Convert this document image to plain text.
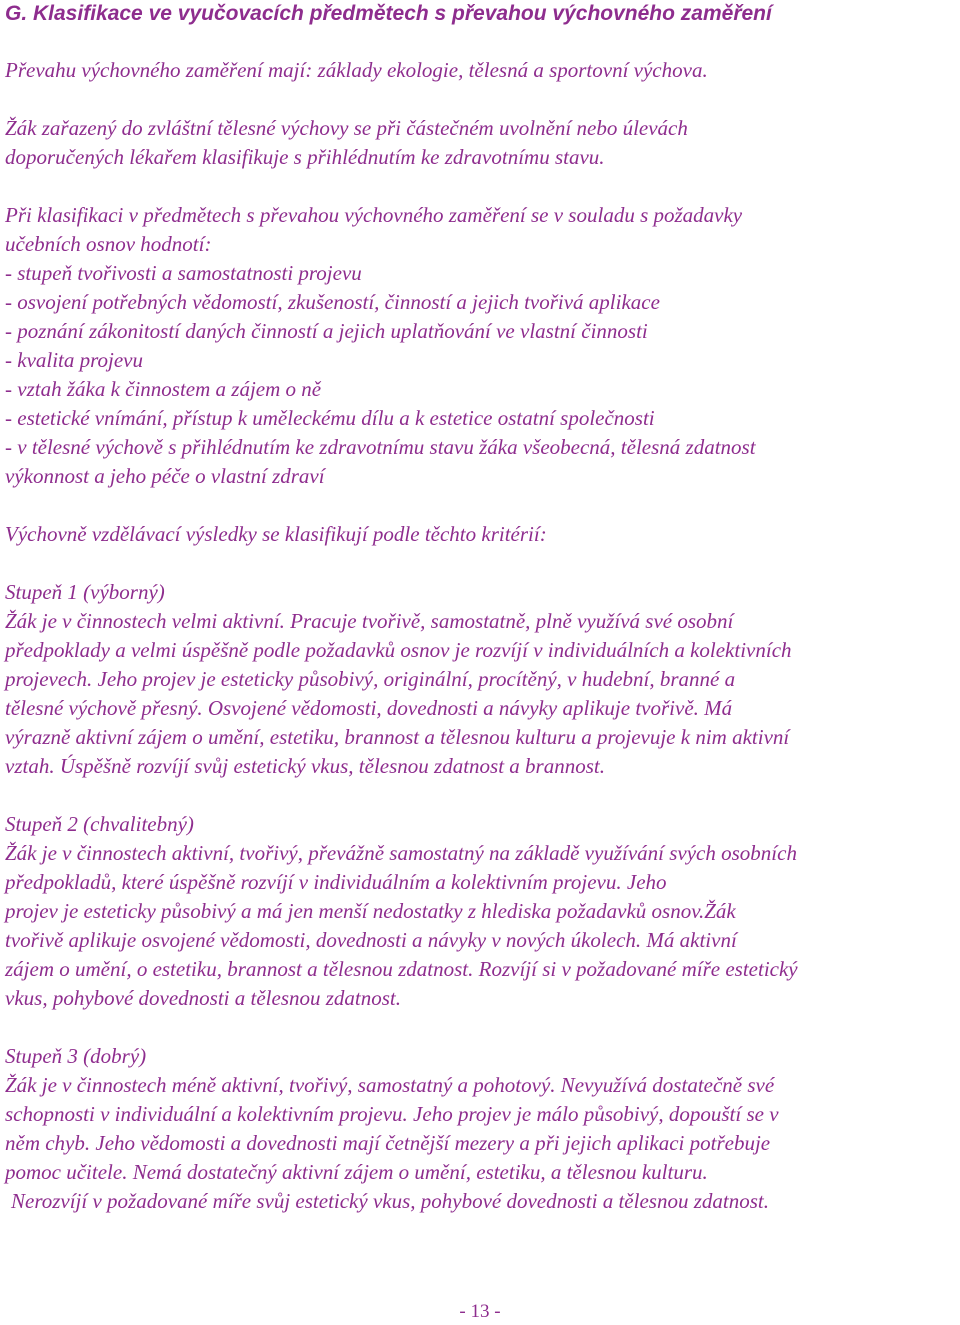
G. Klasifikace ve vyučovacích předmětech s převahou výchovného zaměření
Převahu výchovného zaměření mají: základy ekologie, tělesná a sportovní výchova.
Žák zařazený do zvláštní tělesné výchovy se při částečném uvolnění nebo úlevách
doporučených lékařem klasifikuje s přihlédnutím ke zdravotnímu stavu.
Při klasifikaci v předmětech s převahou výchovného zaměření se v souladu s požadavky
učebních osnov hodnotí:
- stupeň tvořivosti a samostatnosti projevu
- osvojení potřebných vědomostí, zkušeností, činností a jejich tvořivá aplikace
- poznání zákonitostí daných činností a jejich uplatňování ve vlastní činnosti
- kvalita projevu
- vztah žáka k činnostem a zájem o ně
- estetické vnímání, přístup k uměleckému dílu a k estetice ostatní společnosti
- v tělesné výchově s přihlédnutím ke zdravotnímu stavu žáka všeobecná, tělesná zdatnost
výkonnost a jeho péče o vlastní zdraví
Výchovně vzdělávací výsledky se klasifikují podle těchto kritérií:
Stupeň 1 (výborný)
Žák je v činnostech velmi aktivní. Pracuje tvořivě, samostatně, plně využívá své osobní
předpoklady a velmi úspěšně podle požadavků osnov je rozvíjí v individuálních a kolektivních
projevech. Jeho projev je esteticky působivý, originální, procítěný, v hudební, branné a
tělesné výchově přesný. Osvojené vědomosti, dovednosti a návyky aplikuje tvořivě. Má
výrazně aktivní zájem o umění, estetiku, brannost a tělesnou kulturu a projevuje k nim aktivní
vztah. Úspěšně rozvíjí svůj estetický vkus, tělesnou zdatnost a brannost.
Stupeň 2 (chvalitebný)
Žák je v činnostech aktivní, tvořivý, převážně samostatný na základě využívání svých osobních
předpokladů, které úspěšně rozvíjí v individuálním a kolektivním projevu. Jeho
projev je esteticky působivý a má jen menší nedostatky z hlediska požadavků osnov.Žák
tvořivě aplikuje osvojené vědomosti, dovednosti a návyky v nových úkolech. Má aktivní
zájem o umění, o estetiku, brannost a tělesnou zdatnost. Rozvíjí si v požadované míře estetický
vkus, pohybové dovednosti a tělesnou zdatnost.
Stupeň 3 (dobrý)
Žák je v činnostech méně aktivní, tvořivý, samostatný a pohotový. Nevyužívá dostatečně své
schopnosti v individuální a kolektivním projevu. Jeho projev je málo působivý, dopouští se v
něm chyb. Jeho vědomosti a dovednosti mají četnější mezery a při jejich aplikaci potřebuje
pomoc učitele. Nemá dostatečný aktivní zájem o umění, estetiku, a tělesnou kulturu.
Nerozvíjí v požadované míře svůj estetický vkus, pohybové dovednosti a tělesnou zdatnost.
- 13 -
